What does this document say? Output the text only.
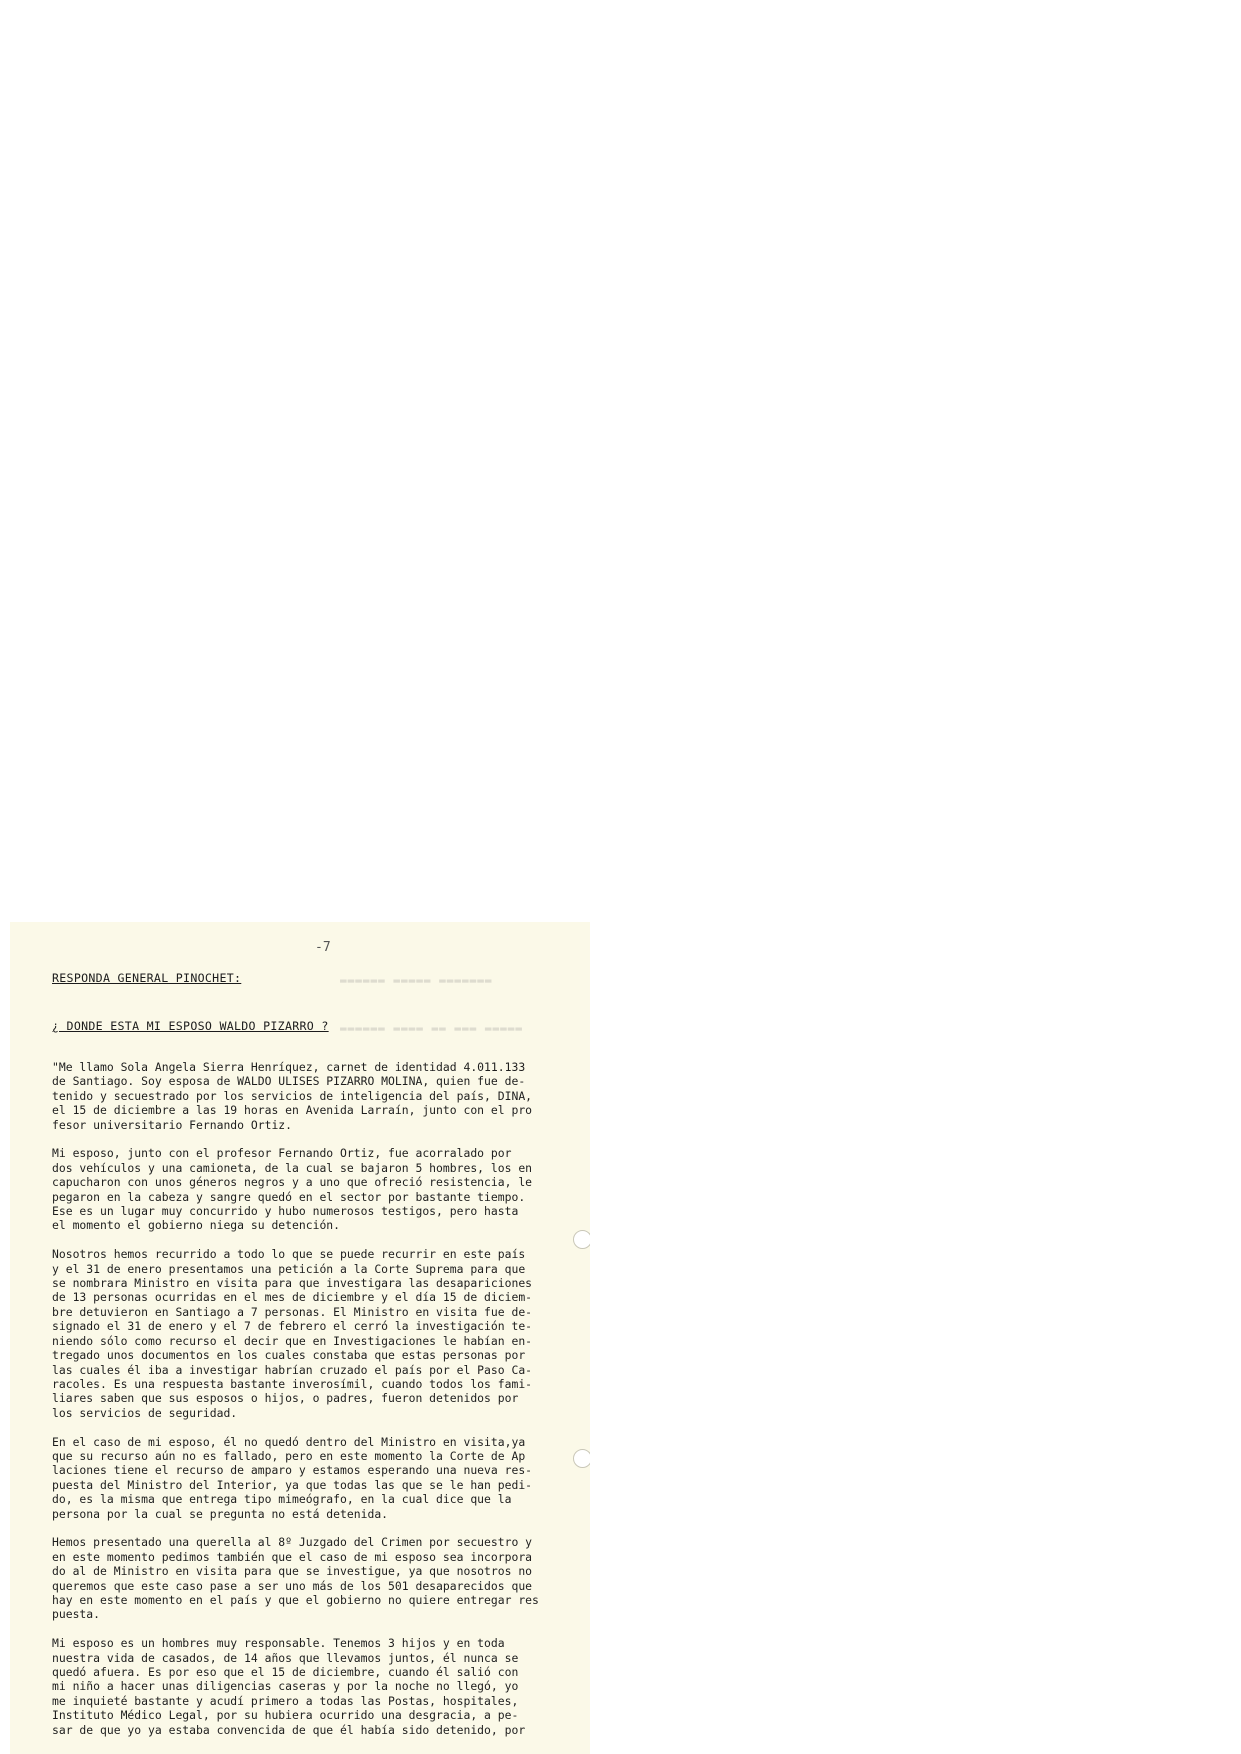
▬▬▬▬▬▬ ▬▬▬▬▬ ▬▬▬▬▬▬▬
▬▬▬▬▬▬ ▬▬▬▬ ▬▬ ▬▬▬ ▬▬▬▬▬
-7
RESPONDA GENERAL PINOCHET:
¿ DONDE ESTA MI ESPOSO WALDO PIZARRO ?

"Me llamo Sola Angela Sierra Henríquez, carnet de identidad 4.011.133
de Santiago. Soy esposa de WALDO ULISES PIZARRO MOLINA, quien fue de-
tenido y secuestrado por los servicios de inteligencia del país, DINA,
el 15 de diciembre a las 19 horas en Avenida Larraín, junto con el pro
fesor universitario Fernando Ortiz.

Mi esposo, junto con el profesor Fernando Ortiz, fue acorralado por
dos vehículos y una camioneta, de la cual se bajaron 5 hombres, los en
capucharon con unos géneros negros y a uno que ofreció resistencia, le
pegaron en la cabeza y sangre quedó en el sector por bastante tiempo.
Ese es un lugar muy concurrido y hubo numerosos testigos, pero hasta
el momento el gobierno niega su detención.

Nosotros hemos recurrido a todo lo que se puede recurrir en este país
y el 31 de enero presentamos una petición a la Corte Suprema para que
se nombrara Ministro en visita para que investigara las desapariciones
de 13 personas ocurridas en el mes de diciembre y el día 15 de diciem-
bre detuvieron en Santiago a 7 personas. El Ministro en visita fue de-
signado el 31 de enero y el 7 de febrero el cerró la investigación te-
niendo sólo como recurso el decir que en Investigaciones le habían en-
tregado unos documentos en los cuales constaba que estas personas por
las cuales él iba a investigar habrían cruzado el país por el Paso Ca-
racoles. Es una respuesta bastante inverosímil, cuando todos los fami-
liares saben que sus esposos o hijos, o padres, fueron detenidos por
los servicios de seguridad.

En el caso de mi esposo, él no quedó dentro del Ministro en visita,ya
que su recurso aún no es fallado, pero en este momento la Corte de Ap
laciones tiene el recurso de amparo y estamos esperando una nueva res-
puesta del Ministro del Interior, ya que todas las que se le han pedi-
do, es la misma que entrega tipo mimeógrafo, en la cual dice que la
persona por la cual se pregunta no está detenida.

Hemos presentado una querella al 8º Juzgado del Crimen por secuestro y
en este momento pedimos también que el caso de mi esposo sea incorpora
do al de Ministro en visita para que se investigue, ya que nosotros no
queremos que este caso pase a ser uno más de los 501 desaparecidos que
hay en este momento en el país y que el gobierno no quiere entregar res
puesta.

Mi esposo es un hombres muy responsable. Tenemos 3 hijos y en toda
nuestra vida de casados, de 14 años que llevamos juntos, él nunca se
quedó afuera. Es por eso que el 15 de diciembre, cuando él salió con
mi niño a hacer unas diligencias caseras y por la noche no llegó, yo
me inquieté bastante y acudí primero a todas las Postas, hospitales,
Instituto Médico Legal, por su hubiera ocurrido una desgracia, a pe-
sar de que yo ya estaba convencida de que él había sido detenido, por
